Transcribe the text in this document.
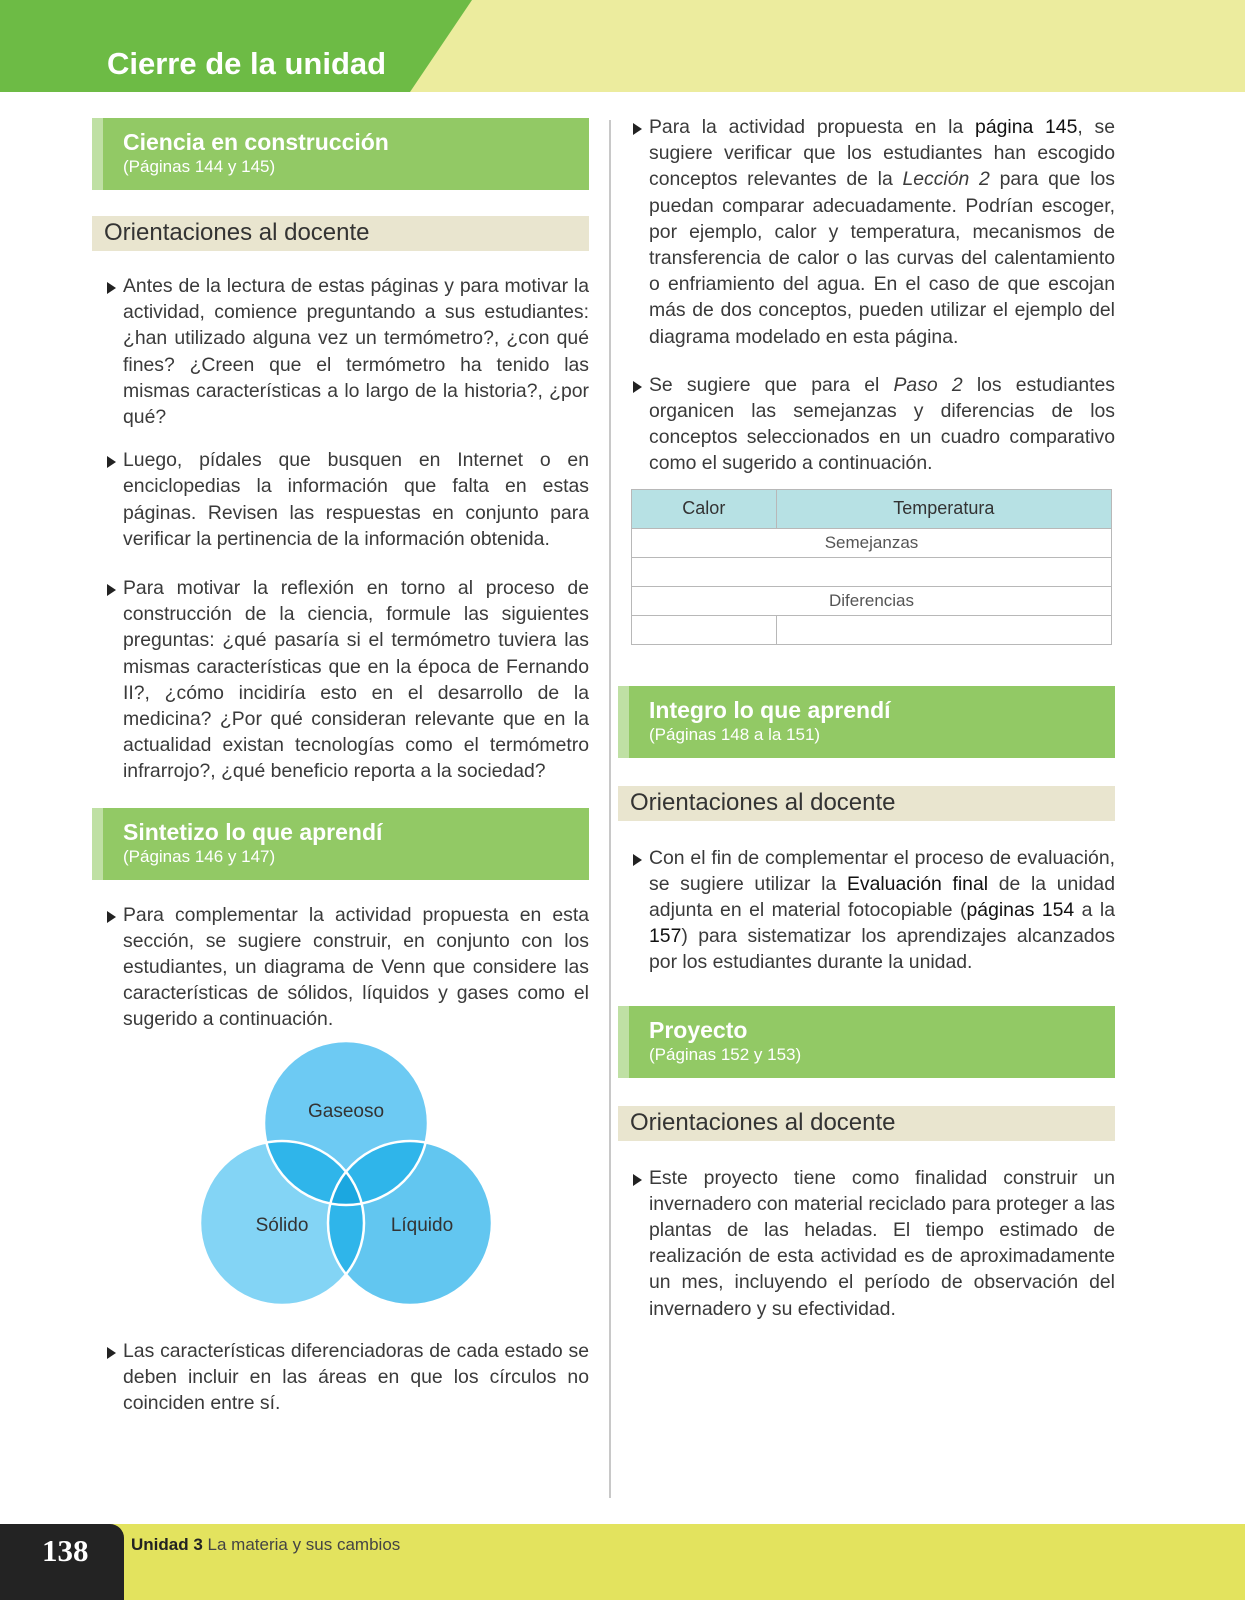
Cierre de la unidad
Ciencia en construcción
(Páginas 144 y 145)
Orientaciones al docente
Antes de la lectura de estas páginas y para motivar la actividad, comience preguntando a sus estudiantes: ¿han utilizado alguna vez un termómetro?, ¿con qué fines? ¿Creen que el termómetro ha tenido las mismas características a lo largo de la historia?, ¿por qué?
Luego, pídales que busquen en Internet o en enciclopedias la información que falta en estas páginas. Revisen las respuestas en conjunto para verificar la pertinencia de la información obtenida.
Para motivar la reflexión en torno al proceso de construcción de la ciencia, formule las siguientes preguntas: ¿qué pasaría si el termómetro tuviera las mismas características que en la época de Fernando II?, ¿cómo incidiría esto en el desarrollo de la medicina? ¿Por qué consideran relevante que en la actualidad existan tecnologías como el termómetro infrarrojo?, ¿qué beneficio reporta a la sociedad?
Sintetizo lo que aprendí
(Páginas 146 y 147)
Para complementar la actividad propuesta en esta sección, se sugiere construir, en conjunto con los estudiantes, un diagrama de Venn que considere las características de sólidos, líquidos y gases como el sugerido a continuación.
Gaseoso
Sólido	Líquido
Las características diferenciadoras de cada estado se deben incluir en las áreas en que los círculos no coinciden entre sí.
Para la actividad propuesta en la página 145, se sugiere verificar que los estudiantes han escogido conceptos relevantes de la Lección 2 para que los puedan comparar adecuadamente. Podrían escoger, por ejemplo, calor y temperatura, mecanismos de transferencia de calor o las curvas del calentamiento o enfriamiento del agua. En el caso de que escojan más de dos conceptos, pueden utilizar el ejemplo del diagrama modelado en esta página.
Se sugiere que para el Paso 2 los estudiantes organicen las semejanzas y diferencias de los conceptos seleccionados en un cuadro comparativo como el sugerido a continuación.
Calor	Temperatura
Semejanzas	

Diferencias	

Integro lo que aprendí
(Páginas 148 a la 151)
Orientaciones al docente
Con el fin de complementar el proceso de evaluación, se sugiere utilizar la Evaluación final de la unidad adjunta en el material fotocopiable (páginas 154 a la 157) para sistematizar los aprendizajes alcanzados por los estudiantes durante la unidad.
Proyecto
(Páginas 152 y 153)
Orientaciones al docente
Este proyecto tiene como finalidad construir un invernadero con material reciclado para proteger a las plantas de las heladas. El tiempo estimado de realización de esta actividad es de aproximadamente un mes, incluyendo el período de observación del invernadero y su efectividad.
138	Unidad 3 La materia y sus cambios
